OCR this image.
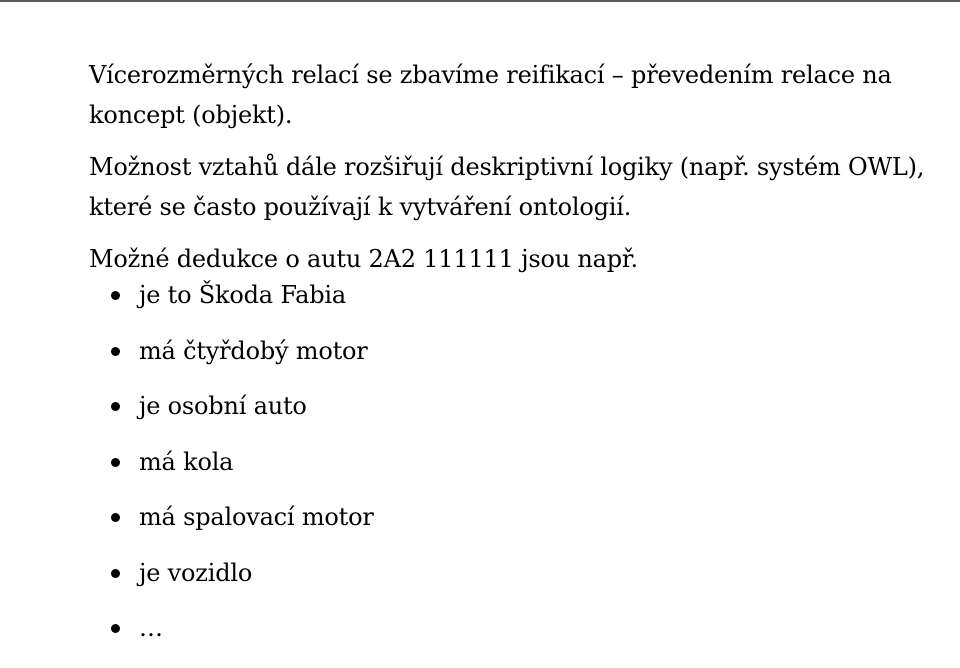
Vícerozměrných relací se zbavíme reifikací – převedením relace na koncept (objekt).

Možnost vztahů dále rozšiřují deskriptivní logiky (např. systém OWL), které se často používají k vytváření ontologií.

Možné dedukce o autu 2A2 111111 jsou např.

je to Škoda Fabia
má čtyřdobý motor
je osobní auto
má kola
má spalovací motor
je vozidlo
…
